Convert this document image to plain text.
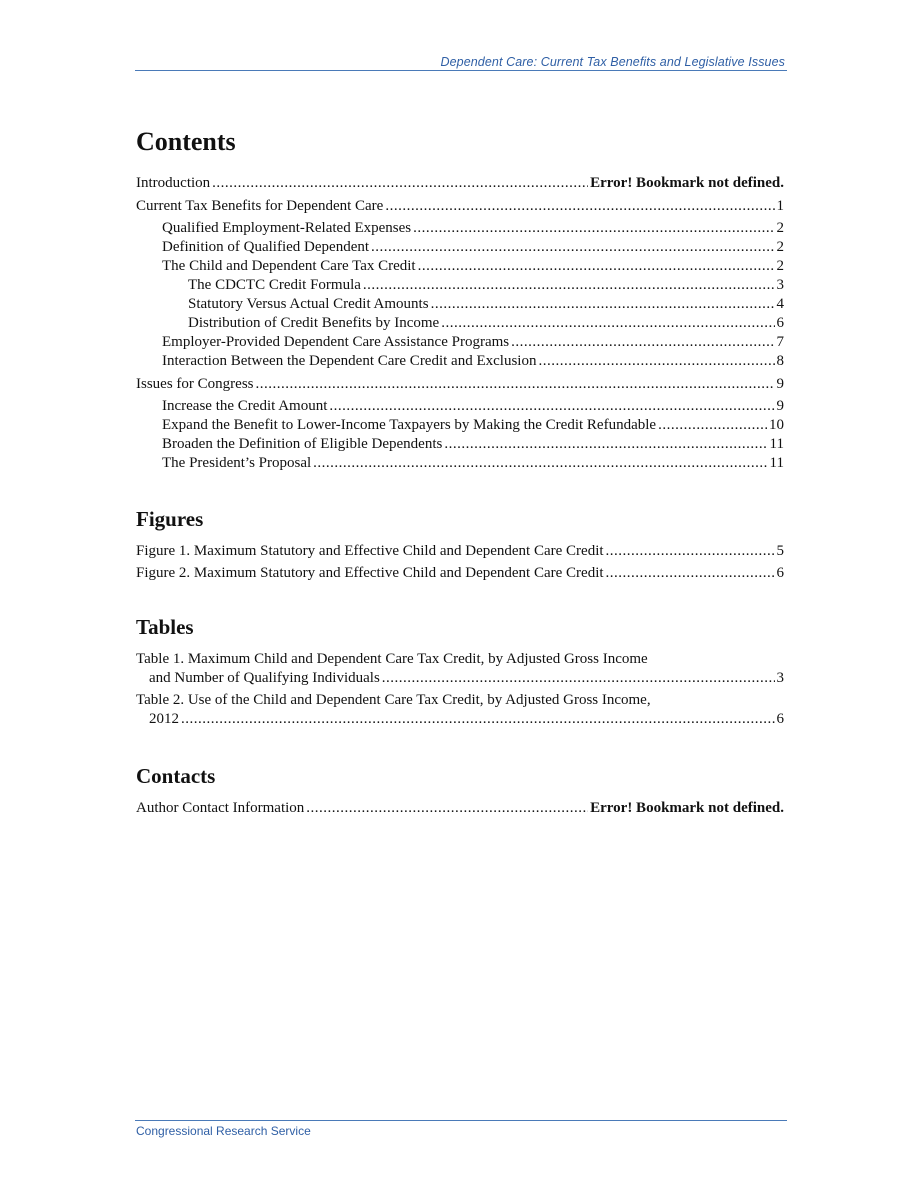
Dependent Care: Current Tax Benefits and Legislative Issues
Contents
Introduction .....	Error! Bookmark not defined.
Current Tax Benefits for Dependent Care .....	1
Qualified Employment-Related Expenses .....	2
Definition of Qualified Dependent .....	2
The Child and Dependent Care Tax Credit .....	2
The CDCTC Credit Formula .....	3
Statutory Versus Actual Credit Amounts .....	4
Distribution of Credit Benefits by Income .....	6
Employer-Provided Dependent Care Assistance Programs .....	7
Interaction Between the Dependent Care Credit and Exclusion .....	8
Issues for Congress .....	9
Increase the Credit Amount .....	9
Expand the Benefit to Lower-Income Taxpayers by Making the Credit Refundable .....	10
Broaden the Definition of Eligible Dependents .....	11
The President’s Proposal .....	11
Figures
Figure 1. Maximum Statutory and Effective Child and Dependent Care Credit .....	5
Figure 2. Maximum Statutory and Effective Child and Dependent Care Credit .....	6
Tables
Table 1. Maximum Child and Dependent Care Tax Credit, by Adjusted Gross Income
and Number of Qualifying Individuals .....	3
Table 2. Use of the Child and Dependent Care Tax Credit, by Adjusted Gross Income,
2012 .....	6
Contacts
Author Contact Information .....	Error! Bookmark not defined.
Congressional Research Service
